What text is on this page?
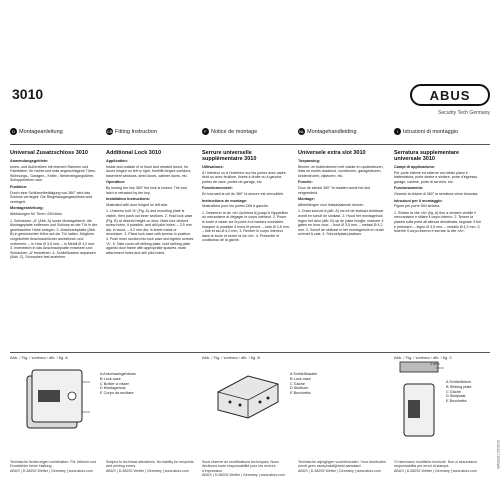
3010	ABUS
Security Tech Germany
D Montageanleitung	GB Fitting Instruction	F Notice de montage	NL Montagehandleiding	I Istruzioni di montaggio
Universal Zusatzschloss 3010
Anwendungsgebiete:

Innen- und Außentüren mit ebenem Rahmen und Falzleisten, für rechts und links angeschlagene Türen, Wohnungs-, Garagen-, Keller-, Nebeneingangstüren, Schuppentüren usw.

Funktion:

Durch eine Schlüsselbetätigung von 360° wird das Schloss verriegelt. Die Riegelausgangsschloss wird verriegelt.

Montageanleitung:

Abbildungen für Türen: DIN links

1. Schrauben „A“ (Abb. A) sowie Montageblech, die Montageplatte entfernen und Schloss an der Tür in der gewünschten Höhe anlegen. 2. Anschraubplatte (Abb. B) in gewünschter Höhe auf der Tür halten. Mögliche vorgebohrte Anschraublöcher anzeichnen und vorbohren: – in Holz Ø 3,5 mm, – in Metall Ø 4,2 mm. 3. Innenblech in das Anschraubplatte einsetzen und Schrauben „A“ festziehen. 4. Schließkasten anpassen (Abb. C), Schrauben fest anziehen.

Additional Lock 3010
Application:

Inside and outside of or flush and rebated doors, for doors hinged on left or right, front/lift hinged corridors, basement windows, shed doors, cabinet doors, etc.

Operation:

By turning the key 360° the lock is locked. The lock latch is retracted by the key.

Installation instructions:

Illustrated with door hinged on left side.

1. Unscrew bolt “A” (Fig. A) and mounting plate is visible, then push out inner sections. 2. Hold lock case (Fig. B) at desired height on door. Mark four desired screw holes, if possible, and drill pilot holes: – 3.5 mm dia. in wood, – 4.2 mm dia. in sheet metal or aluminium. 3. Place lock case with screws in position. 4. Push inner section into lock case and tighten screws “A”. 5. Take cover-off striking plate, hold striking plate against door frame with appropriate spacers, mark attachment holes and drill pilot holes.

Serrure universelle supplémentaire 3010
Utilisations:

À l’intérieur ou à l’extérieur sur les portes avec cadre droit ou avec feuillure, fixées à droite ou à gauche, portes de cave, portes de garage, etc.

Fonctionnement:

En tournant la clé de 360° la serrure est verrouillée.

Instructions de montage:

Illustrations pour les portes DIN à gauche.

1. Desserrer la vis «A» (schéma A) jusqu’à l’apparition du mécanisme et dégager le corps intérieur. 2. Poser le socle à visser sur la porte à la hauteur souhaitée, marquer si possible 4 trous et percer: – bois Ø 3,5 mm, – tôle et alu Ø 4,2 mm. 3. Rentrer le corps intérieur dans le socle et serrer la vis «A». 4. Présenter le coulisseau de la gâche.

Universele extra slot 3010
Toepassing:

Binnen- en buitendeuren met vlakke en opdekdeuren, links en rechts draaiend, voordeuren, garagedeuren, kelderdeuren, zijdeuren, etc.

Functie:

Door de sleutel 360° te draaien wordt het slot vergrendeld.

Montage:

Afbeeldingen voor linksdraaiende deuren.

1. Draai schroef A (afb. A) los tot de slotkast zichtbaar wordt en schuif de slotkast. 2. Houd het montagehuis tegen het deur (afb. B) op de juiste hoogte, markeer 4 gaten en boor voor: – hout Ø 3,5 mm, – metaal Ø 4,2 mm. 3. Schuif de slotkast in het montagehuis en draai schroef A vast. 4. Schroefplaat plaatsen.

Serratura supplementare universale 3010
Campi di applicazione:

Per porte interne ed esterne con telaio piano e battentatura, porte destre e sinistre, porte d’ingresso, garage, cantine, porte di servizio, etc.

Funzionamento:

Girando la chiave di 360° la serratura viene bloccata.

Istruzioni per il montaggio:

Figure per porte DIN sinistra.

1. Svitare la vite «A» (fig. A) fino a rendere visibile il meccanismo e sfilare il corpo interno. 2. Tenere la piastra sulla porta all’altezza desiderata, segnare 4 fori e preforare: – legno Ø 3,5 mm, – metallo Ø 4,2 mm. 3. Inserire il corpo interno e serrare la vite «A».

Abb. / Fig. / schéma / afb. / fig. A	Abb. / Fig. / schéma / afb. / fig. B	Abb. / Fig. / schéma / afb. / fig. C
A Anschraubgehäuse
B Lock case
C Boîtier à visser
D Montagehuis
E Corpo da avvitare
A Schließkasten
B Lock case
C Gâche
D Sluitkom
E Bocchetta
1 mm
A Schließblech
B Striking plate
C Gâche
D Sluitplaat
E Bocchetta
Technische Änderungen vorbehalten. Für Irrtümer und Druckfehler keine Haftung.
ABUS | D-58292 Wetter | Germany | www.abus.com
Subject to technical alterations. No liability for misprints and printing errors.
ABUS | D-58292 Wetter | Germany | www.abus.com
Sous réserve de modifications techniques. Nous déclinons toute responsabilité pour les erreurs d’impression.
ABUS | D-58292 Wetter | Germany | www.abus.com
Technische wijzigingen voorbehouden. Voor drukfouten wordt geen aansprakelijkheid aanvaard.
ABUS | D-58292 Wetter | Germany | www.abus.com
Ci riserviamo modifiche tecniche. Non ci assumiamo responsabilità per errori di stampa.
ABUS | D-58292 Wetter | Germany | www.abus.com
MA0233 | 05/2010
